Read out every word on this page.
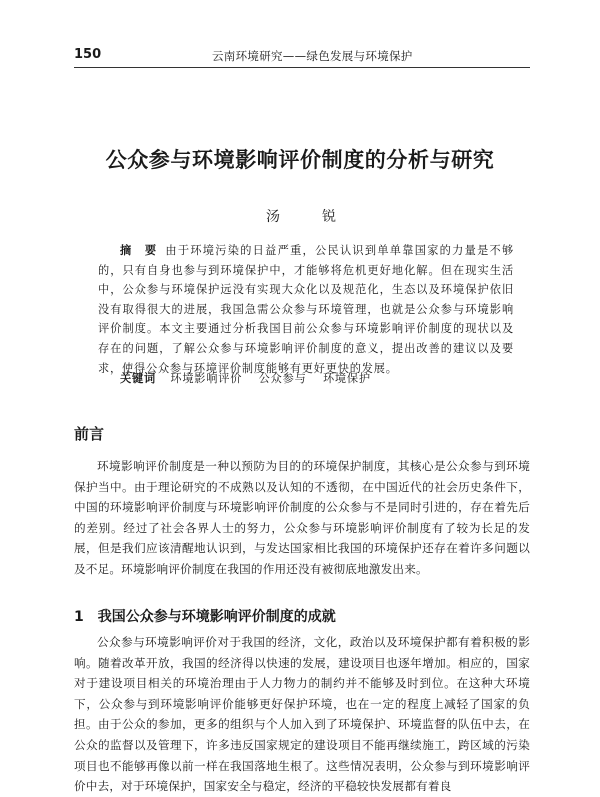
150	云南环境研究——绿色发展与环境保护
公众参与环境影响评价制度的分析与研究
汤　锐
摘　要 由于环境污染的日益严重，公民认识到单单靠国家的力量是不够的，只有自身也参与到环境保护中，才能够将危机更好地化解。但在现实生活中，公众参与环境保护远没有实现大众化以及规范化，生态以及环境保护依旧没有取得很大的进展，我国急需公众参与环境管理，也就是公众参与环境影响评价制度。本文主要通过分析我国目前公众参与环境影响评价制度的现状以及存在的问题，了解公众参与环境影响评价制度的意义，提出改善的建议以及要求，使得公众参与环境评价制度能够有更好更快的发展。
关键词 环境影响评价 公众参与 环境保护
前言
环境影响评价制度是一种以预防为目的的环境保护制度，其核心是公众参与到环境保护当中。由于理论研究的不成熟以及认知的不透彻，在中国近代的社会历史条件下，中国的环境影响评价制度与环境影响评价制度的公众参与不是同时引进的，存在着先后的差别。经过了社会各界人士的努力，公众参与环境影响评价制度有了较为长足的发展，但是我们应该清醒地认识到，与发达国家相比我国的环境保护还存在着许多问题以及不足。环境影响评价制度在我国的作用还没有被彻底地激发出来。
1 我国公众参与环境影响评价制度的成就
公众参与环境影响评价对于我国的经济，文化，政治以及环境保护都有着积极的影响。随着改革开放，我国的经济得以快速的发展，建设项目也逐年增加。相应的，国家对于建设项目相关的环境治理由于人力物力的制约并不能够及时到位。在这种大环境下，公众参与到环境影响评价能够更好保护环境，也在一定的程度上减轻了国家的负担。由于公众的参加，更多的组织与个人加入到了环境保护、环境监督的队伍中去，在公众的监督以及管理下，许多违反国家规定的建设项目不能再继续施工，跨区域的污染项目也不能够再像以前一样在我国落地生根了。这些情况表明，公众参与到环境影响评价中去，对于环境保护，国家安全与稳定，经济的平稳较快发展都有着良
